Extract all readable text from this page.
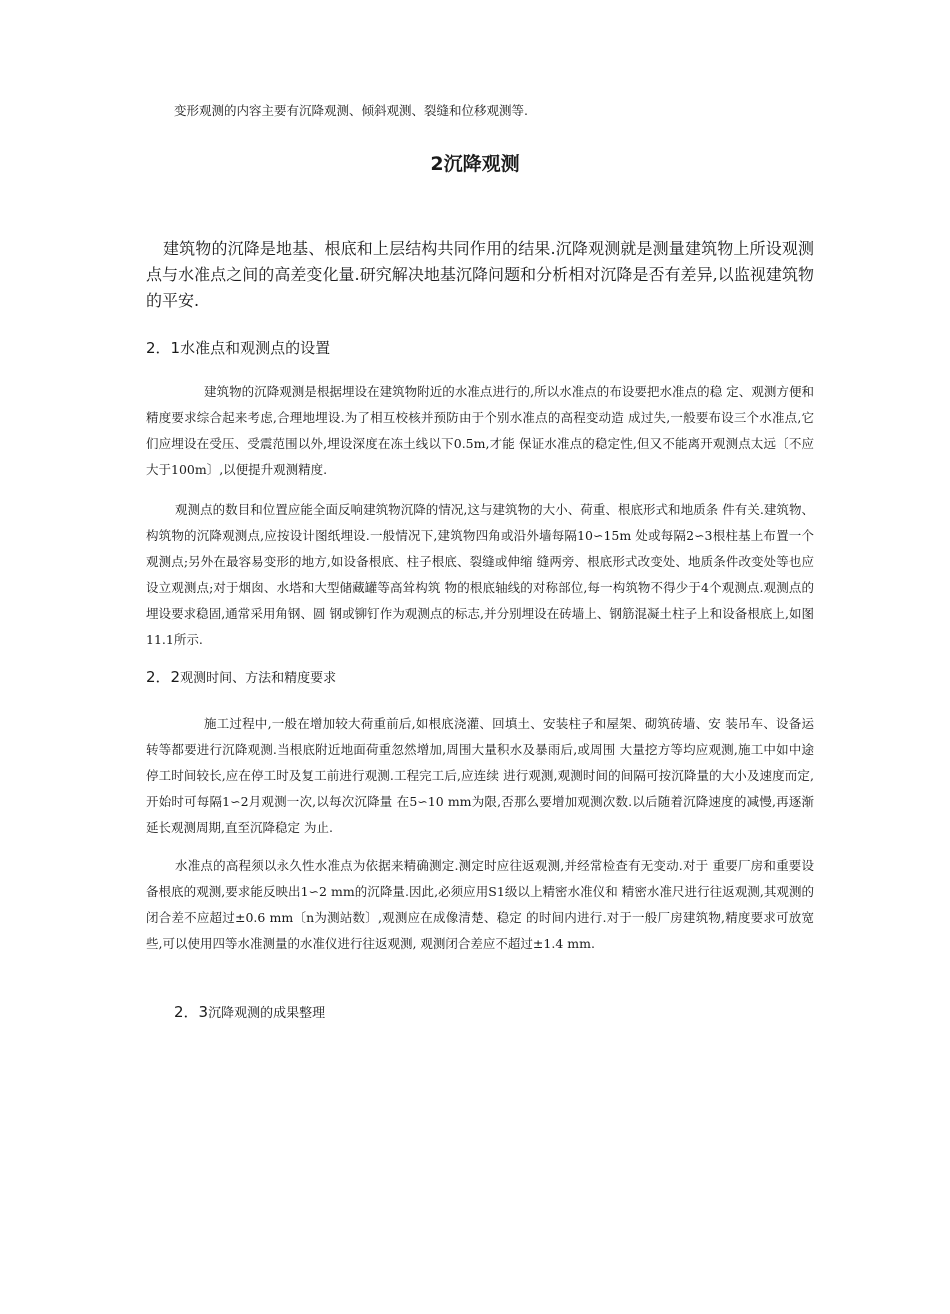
变形观测的内容主要有沉降观测、倾斜观测、裂缝和位移观测等.
2沉降观测
建筑物的沉降是地基、根底和上层结构共同作用的结果.沉降观测就是测量建筑物上所设观测点与水准点之间的高差变化量.研究解决地基沉降问题和分析相对沉降是否有差异,以监视建筑物的平安.
2．1水准点和观测点的设置
建筑物的沉降观测是根据埋设在建筑物附近的水准点进行的,所以水准点的布设要把水准点的稳 定、观测方便和精度要求综合起来考虑,合理地埋设.为了相互校核并预防由于个别水准点的高程变动造 成过失,一般要布设三个水准点,它们应埋设在受压、受震范围以外,埋设深度在冻土线以下0.5m,才能 保证水准点的稳定性,但又不能离开观测点太远〔不应大于100m〕,以便提升观测精度.
观测点的数目和位置应能全面反响建筑物沉降的情况,这与建筑物的大小、荷重、根底形式和地质条 件有关.建筑物、构筑物的沉降观测点,应按设计图纸埋设.一般情况下,建筑物四角或沿外墙每隔10∽15m 处或每隔2∽3根柱基上布置一个观测点;另外在最容易变形的地方,如设备根底、柱子根底、裂缝或伸缩 缝两旁、根底形式改变处、地质条件改变处等也应设立观测点;对于烟囱、水塔和大型储藏罐等高耸构筑 物的根底轴线的对称部位,每一构筑物不得少于4个观测点.观测点的埋设要求稳固,通常采用角钢、圆 钢或铆钉作为观测点的标志,并分别埋设在砖墙上、钢筋混凝土柱子上和设备根底上,如图11.1所示.
2．2观测时间、方法和精度要求
施工过程中,一般在增加较大荷重前后,如根底浇灌、回填土、安装柱子和屋架、砌筑砖墙、安 装吊车、设备运转等都要进行沉降观测.当根底附近地面荷重忽然增加,周围大量积水及暴雨后,或周围 大量挖方等均应观测,施工中如中途停工时间较长,应在停工时及复工前进行观测.工程完工后,应连续 进行观测,观测时间的间隔可按沉降量的大小及速度而定,开始时可每隔1∽2月观测一次,以每次沉降量 在5∽10 mm为限,否那么要增加观测次数.以后随着沉降速度的减慢,再逐渐延长观测周期,直至沉降稳定 为止.
水准点的高程须以永久性水准点为依据来精确测定.测定时应往返观测,并经常检查有无变动.对于 重要厂房和重要设备根底的观测,要求能反映出1∽2 mm的沉降量.因此,必须应用S1级以上精密水准仪和 精密水准尺进行往返观测,其观测的闭合差不应超过±0.6 mm〔n为测站数〕,观测应在成像清楚、稳定 的时间内进行.对于一般厂房建筑物,精度要求可放宽些,可以使用四等水准测量的水准仪进行往返观测, 观测闭合差应不超过±1.4 mm.
2．3沉降观测的成果整理
